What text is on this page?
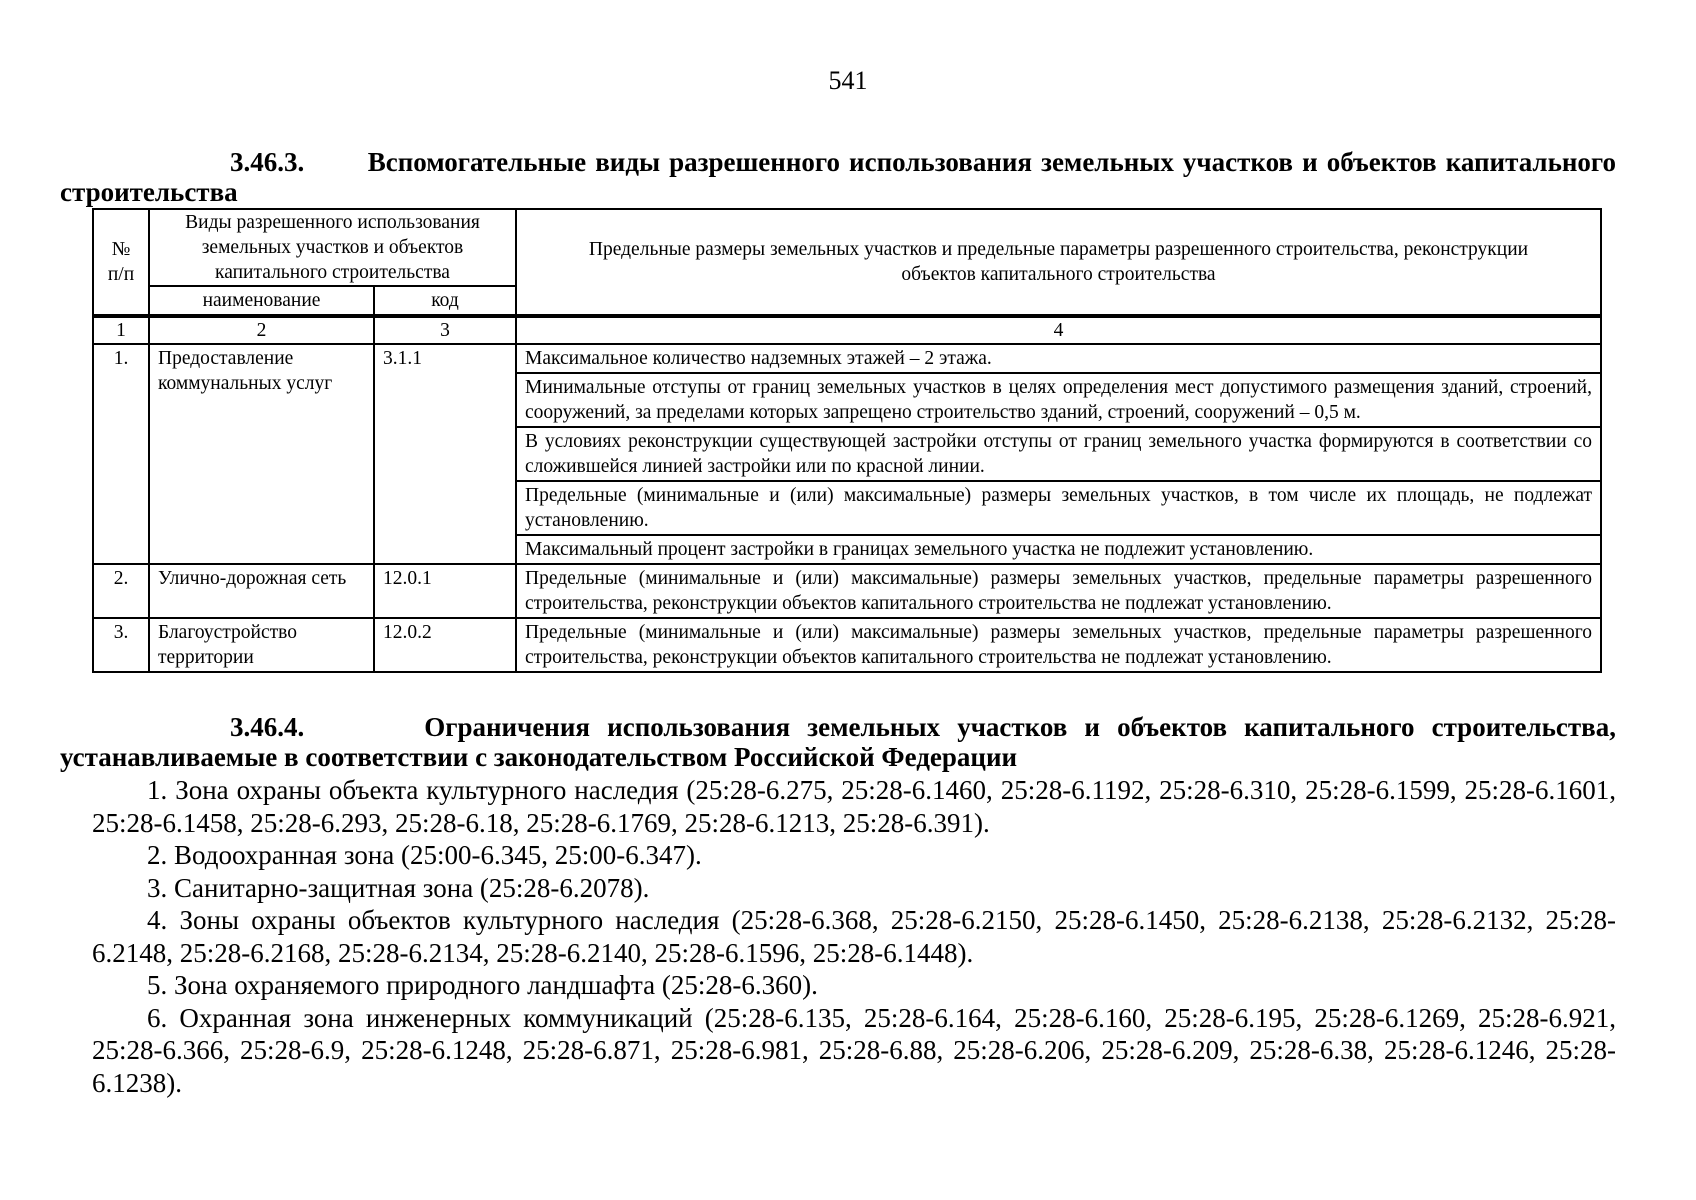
541
3.46.3. Вспомогательные виды разрешенного использования земельных участков и объектов капитального строительства
№ п/п	Виды разрешенного использования земельных участков и объектов капитального строительства		Предельные размеры земельных участков и предельные параметры разрешенного строительства, реконструкции объектов капитального строительства
	наименование	код	
1	2	3	4
1.	Предоставление коммунальных услуг	3.1.1	Максимальное количество надземных этажей – 2 этажа.
			Минимальные отступы от границ земельных участков в целях определения мест допустимого размещения зданий, строений, сооружений, за пределами которых запрещено строительство зданий, строений, сооружений – 0,5 м.
			В условиях реконструкции существующей застройки отступы от границ земельного участка формируются в соответствии со сложившейся линией застройки или по красной линии.
			Предельные (минимальные и (или) максимальные) размеры земельных участков, в том числе их площадь, не подлежат установлению.
			Максимальный процент застройки в границах земельного участка не подлежит установлению.
2.	Улично-дорожная сеть	12.0.1	Предельные (минимальные и (или) максимальные) размеры земельных участков, предельные параметры разрешенного строительства, реконструкции объектов капитального строительства не подлежат установлению.
3.	Благоустройство территории	12.0.2	Предельные (минимальные и (или) максимальные) размеры земельных участков, предельные параметры разрешенного строительства, реконструкции объектов капитального строительства не подлежат установлению.
3.46.4.	Ограничения использования земельных участков и объектов капитального строительства, устанавливаемые в соответствии с законодательством Российской Федерации

1. Зона охраны объекта культурного наследия (25:28-6.275, 25:28-6.1460, 25:28-6.1192, 25:28-6.310, 25:28-6.1599, 25:28-6.1601, 25:28-6.1458, 25:28-6.293, 25:28-6.18, 25:28-6.1769, 25:28-6.1213, 25:28-6.391).

2. Водоохранная зона (25:00-6.345, 25:00-6.347).

3. Санитарно-защитная зона (25:28-6.2078).

4. Зоны охраны объектов культурного наследия (25:28-6.368, 25:28-6.2150, 25:28-6.1450, 25:28-6.2138, 25:28-6.2132, 25:28-6.2148, 25:28-6.2168, 25:28-6.2134, 25:28-6.2140, 25:28-6.1596, 25:28-6.1448).

5. Зона охраняемого природного ландшафта (25:28-6.360).

6. Охранная зона инженерных коммуникаций (25:28-6.135, 25:28-6.164, 25:28-6.160, 25:28-6.195, 25:28-6.1269, 25:28-6.921, 25:28-6.366, 25:28-6.9, 25:28-6.1248, 25:28-6.871, 25:28-6.981, 25:28-6.88, 25:28-6.206, 25:28-6.209, 25:28-6.38, 25:28-6.1246, 25:28-6.1238).
